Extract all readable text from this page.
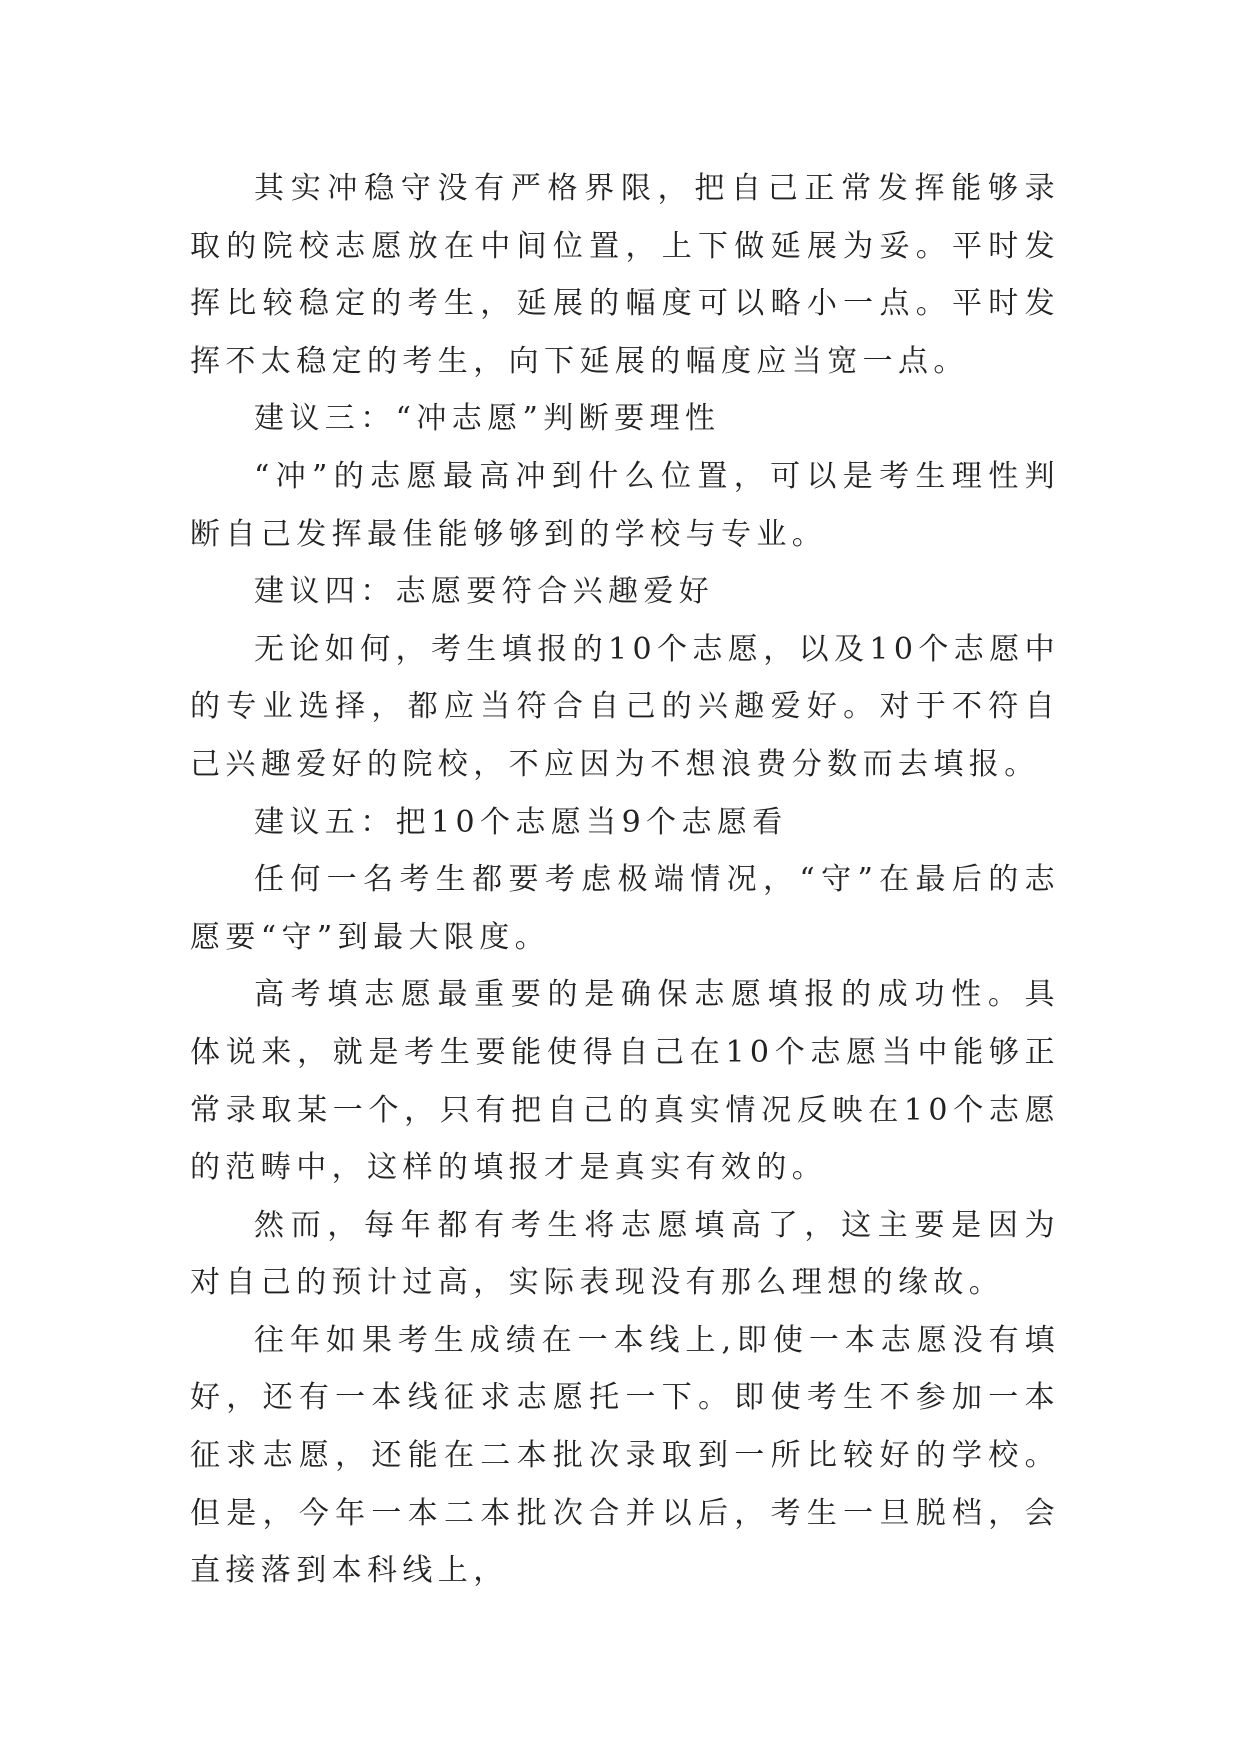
其实冲稳守没有严格界限，把自己正常发挥能够录取的院校志愿放在中间位置，上下做延展为妥。平时发挥比较稳定的考生，延展的幅度可以略小一点。平时发挥不太稳定的考生，向下延展的幅度应当宽一点。

建议三：“冲志愿”判断要理性

“冲”的志愿最高冲到什么位置，可以是考生理性判断自己发挥最佳能够够到的学校与专业。

建议四：志愿要符合兴趣爱好

无论如何，考生填报的10个志愿，以及10个志愿中的专业选择，都应当符合自己的兴趣爱好。对于不符自己兴趣爱好的院校，不应因为不想浪费分数而去填报。

建议五：把10个志愿当9个志愿看

任何一名考生都要考虑极端情况，“守”在最后的志愿要“守”到最大限度。

高考填志愿最重要的是确保志愿填报的成功性。具体说来，就是考生要能使得自己在10个志愿当中能够正常录取某一个，只有把自己的真实情况反映在10个志愿的范畴中，这样的填报才是真实有效的。

然而，每年都有考生将志愿填高了，这主要是因为对自己的预计过高，实际表现没有那么理想的缘故。

往年如果考生成绩在一本线上,即使一本志愿没有填好，还有一本线征求志愿托一下。即使考生不参加一本征求志愿，还能在二本批次录取到一所比较好的学校。但是，今年一本二本批次合并以后，考生一旦脱档，会直接落到本科线上，
